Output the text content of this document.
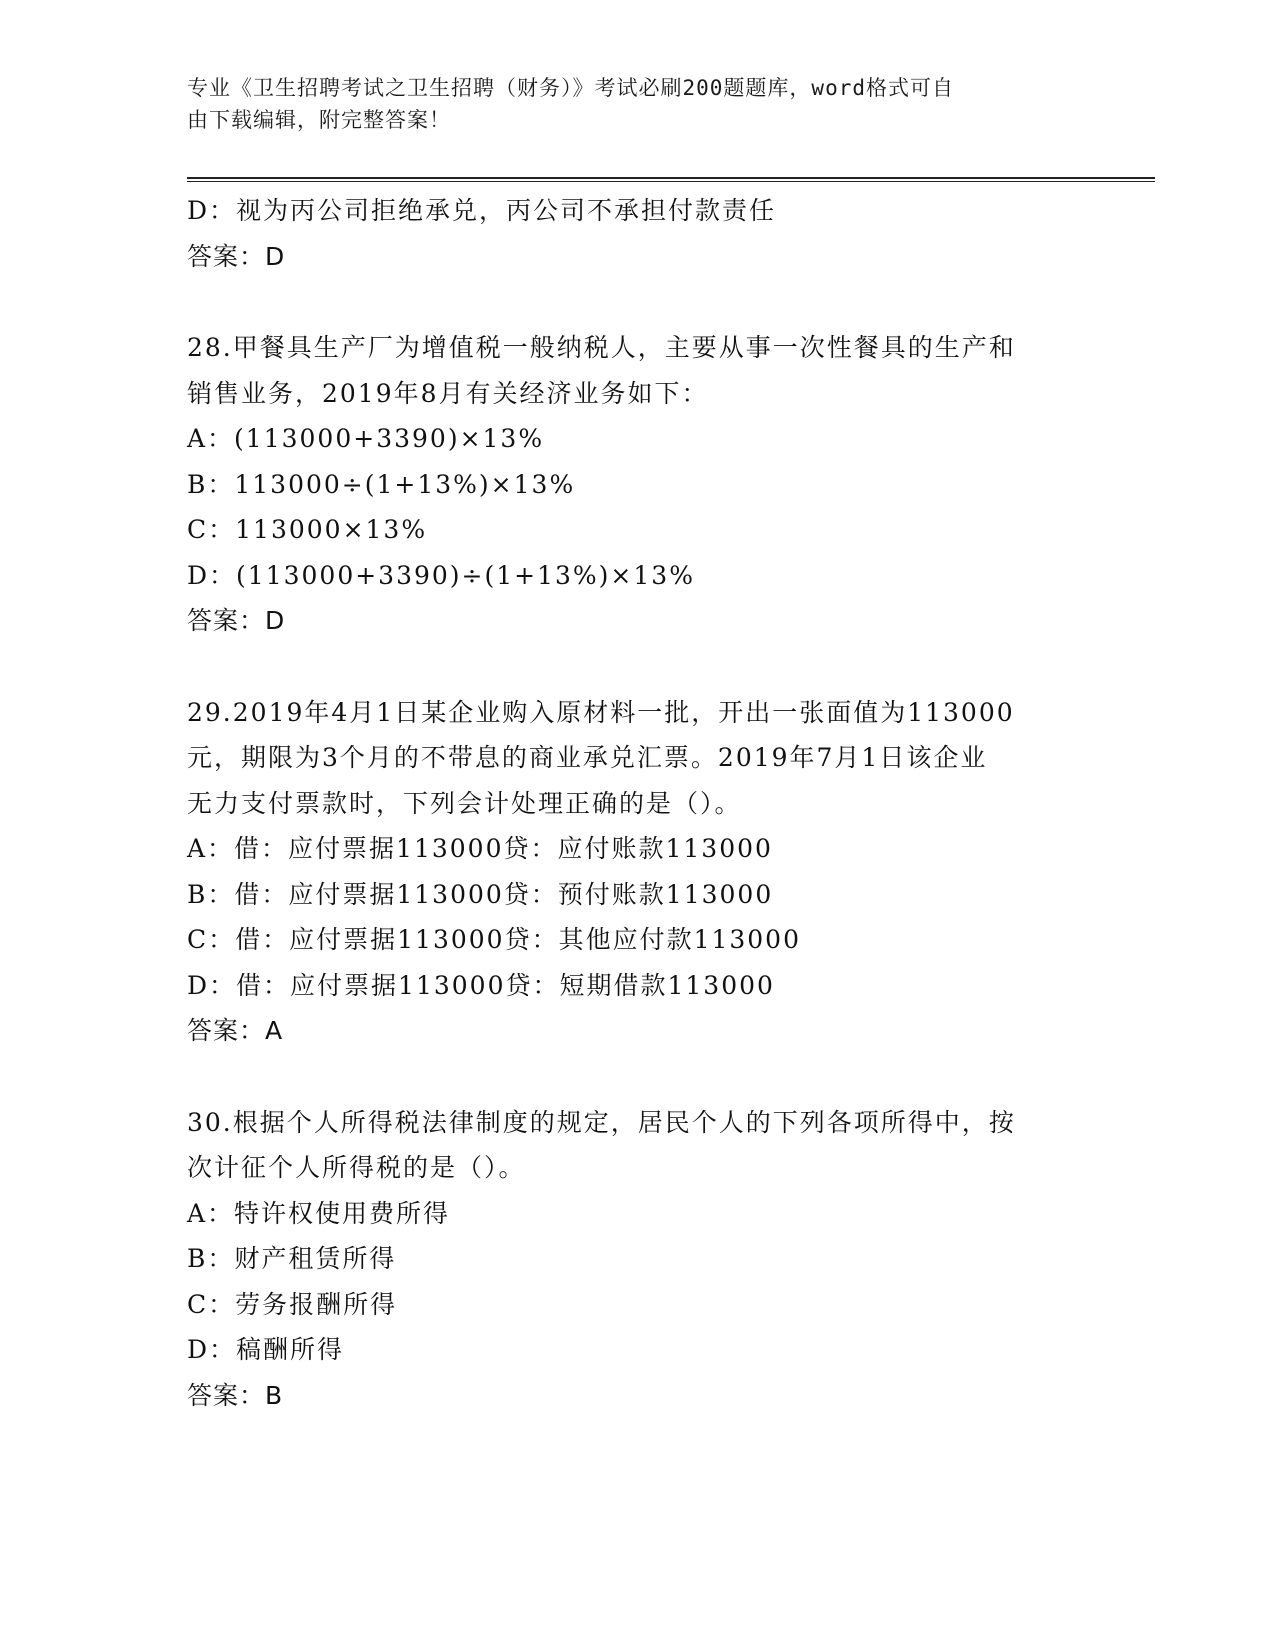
专业《卫生招聘考试之卫生招聘（财务）》考试必刷200题题库，word格式可自
由下载编辑，附完整答案！

D：视为丙公司拒绝承兑，丙公司不承担付款责任

答案：D

28.甲餐具生产厂为增值税一般纳税人，主要从事一次性餐具的生产和

销售业务，2019年8月有关经济业务如下：

A：(113000+3390)×13%

B：113000÷(1+13%)×13%

C：113000×13%

D：(113000+3390)÷(1+13%)×13%

答案：D

29.2019年4月1日某企业购入原材料一批，开出一张面值为113000

元，期限为3个月的不带息的商业承兑汇票。2019年7月1日该企业

无力支付票款时，下列会计处理正确的是（）。

A：借：应付票据113000贷：应付账款113000

B：借：应付票据113000贷：预付账款113000

C：借：应付票据113000贷：其他应付款113000

D：借：应付票据113000贷：短期借款113000

答案：A

30.根据个人所得税法律制度的规定，居民个人的下列各项所得中，按

次计征个人所得税的是（）。

A：特许权使用费所得

B：财产租赁所得

C：劳务报酬所得

D：稿酬所得

答案：B
